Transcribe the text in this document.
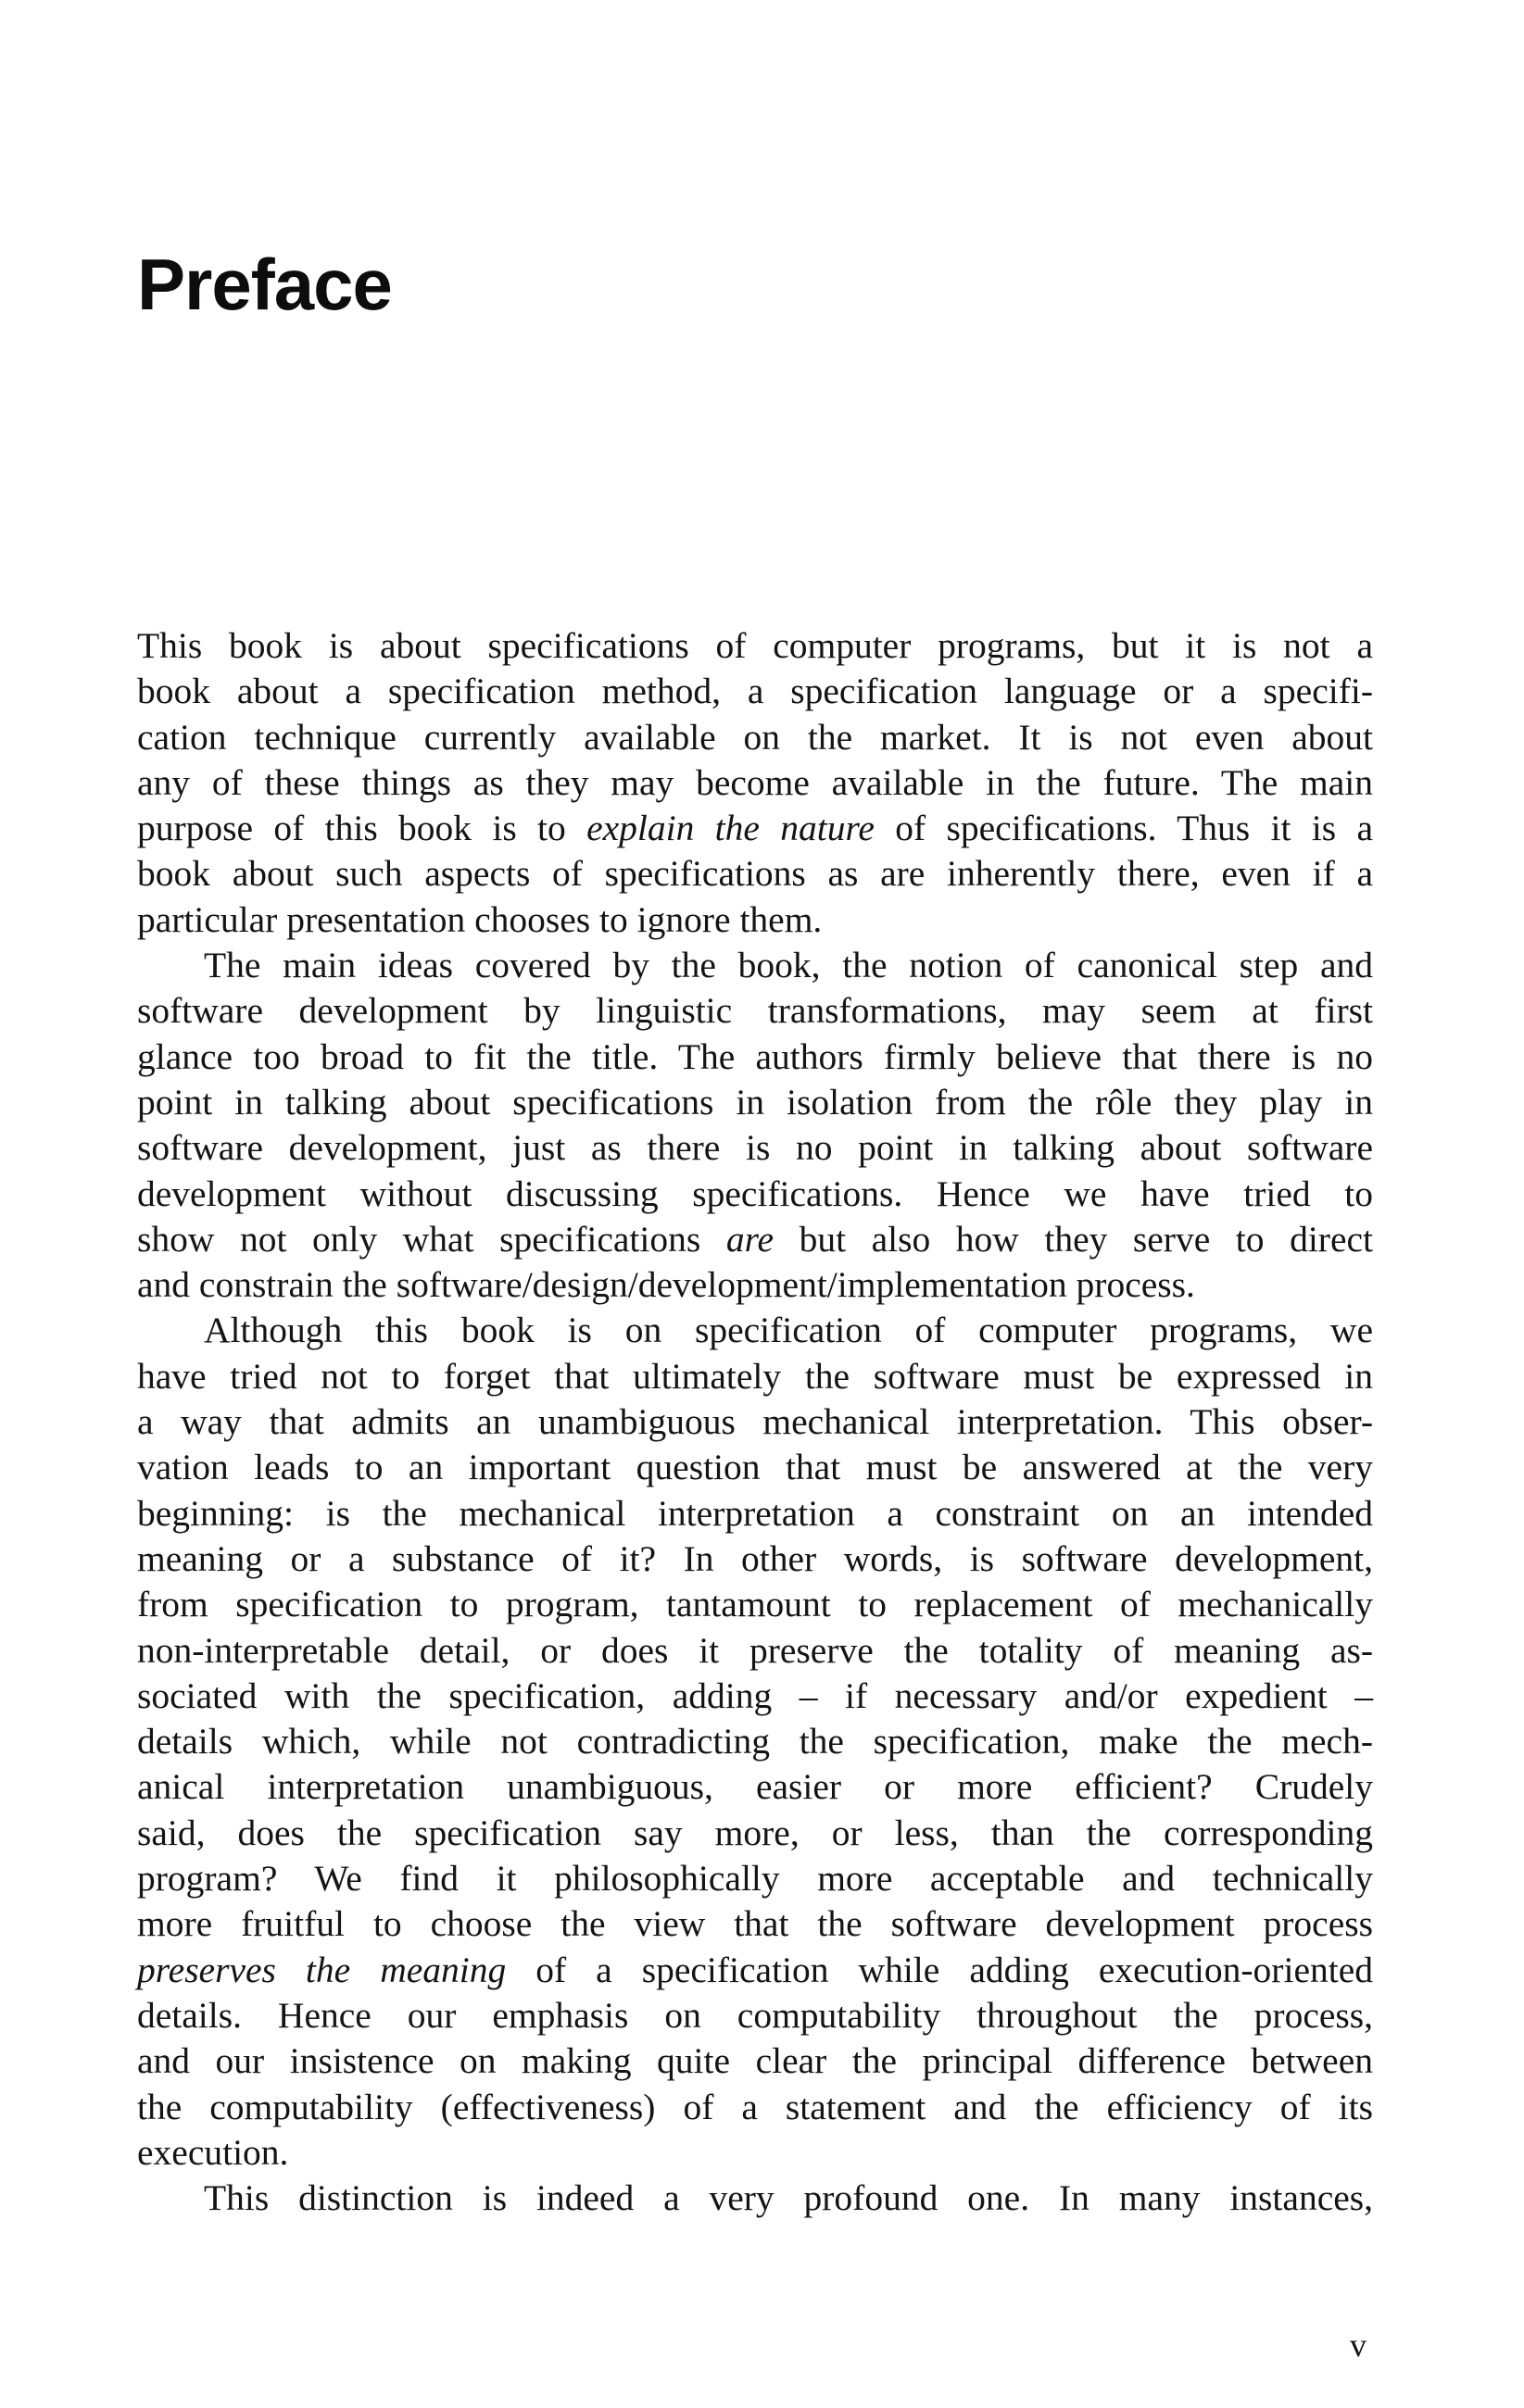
Preface
This book is about specifications of computer programs, but it is not a
book about a specification method, a specification language or a specifi-
cation technique currently available on the market. It is not even about
any of these things as they may become available in the future. The main
purpose of this book is to explain the nature of specifications. Thus it is a
book about such aspects of specifications as are inherently there, even if a
particular presentation chooses to ignore them.
The main ideas covered by the book, the notion of canonical step and
software development by linguistic transformations, may seem at first
glance too broad to fit the title. The authors firmly believe that there is no
point in talking about specifications in isolation from the rôle they play in
software development, just as there is no point in talking about software
development without discussing specifications. Hence we have tried to
show not only what specifications are but also how they serve to direct
and constrain the software/design/development/implementation process.
Although this book is on specification of computer programs, we
have tried not to forget that ultimately the software must be expressed in
a way that admits an unambiguous mechanical interpretation. This obser-
vation leads to an important question that must be answered at the very
beginning: is the mechanical interpretation a constraint on an intended
meaning or a substance of it? In other words, is software development,
from specification to program, tantamount to replacement of mechanically
non-interpretable detail, or does it preserve the totality of meaning as-
sociated with the specification, adding – if necessary and/or expedient –
details which, while not contradicting the specification, make the mech-
anical interpretation unambiguous, easier or more efficient? Crudely
said, does the specification say more, or less, than the corresponding
program? We find it philosophically more acceptable and technically
more fruitful to choose the view that the software development process
preserves the meaning of a specification while adding execution-oriented
details. Hence our emphasis on computability throughout the process,
and our insistence on making quite clear the principal difference between
the computability (effectiveness) of a statement and the efficiency of its
execution.
This distinction is indeed a very profound one. In many instances,
v
